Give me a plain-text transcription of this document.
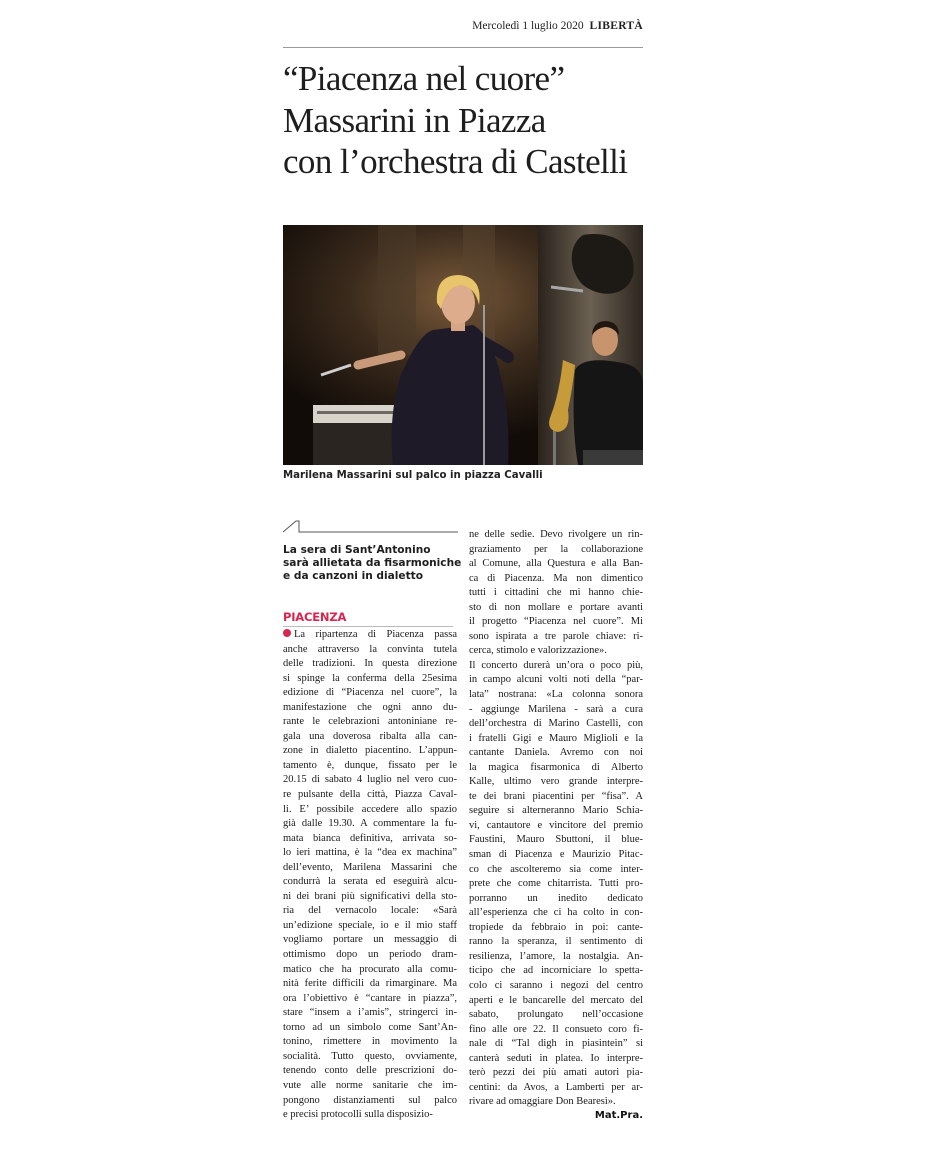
Mercoledì 1 luglio 2020 LIBERTÀ
“Piacenza nel cuore”
Massarini in Piazza
con l’orchestra di Castelli
Marilena Massarini sul palco in piazza Cavalli
La sera di Sant’Antonino
sarà allietata da fisarmoniche
e da canzoni in dialetto
PIACENZA
La ripartenza di Piacenza passa
anche attraverso la convinta tutela
delle tradizioni. In questa direzione
si spinge la conferma della 25esima
edizione di “Piacenza nel cuore”, la
manifestazione che ogni anno du-
rante le celebrazioni antoniniane re-
gala una doverosa ribalta alla can-
zone in dialetto piacentino. L’appun-
tamento è, dunque, fissato per le
20.15 di sabato 4 luglio nel vero cuo-
re pulsante della città, Piazza Caval-
li. E’ possibile accedere allo spazio
già dalle 19.30. A commentare la fu-
mata bianca definitiva, arrivata so-
lo ieri mattina, è la “dea ex machina”
dell’evento, Marilena Massarini che
condurrà la serata ed eseguirà alcu-
ni dei brani più significativi della sto-
ria del vernacolo locale: «Sarà
un’edizione speciale, io e il mio staff
vogliamo portare un messaggio di
ottimismo dopo un periodo dram-
matico che ha procurato alla comu-
nità ferite difficili da rimarginare. Ma
ora l’obiettivo è “cantare in piazza”,
stare “insem a i’amis”, stringerci in-
torno ad un simbolo come Sant’An-
tonino, rimettere in movimento la
socialità. Tutto questo, ovviamente,
tenendo conto delle prescrizioni do-
vute alle norme sanitarie che im-
pongono distanziamenti sul palco
e precisi protocolli sulla disposizio-
ne delle sedie. Devo rivolgere un rin-
graziamento per la collaborazione
al Comune, alla Questura e alla Ban-
ca di Piacenza. Ma non dimentico
tutti i cittadini che mi hanno chie-
sto di non mollare e portare avanti
il progetto “Piacenza nel cuore”. Mi
sono ispirata a tre parole chiave: ri-
cerca, stimolo e valorizzazione».
Il concerto durerà un’ora o poco più,
in campo alcuni volti noti della “par-
lata” nostrana: «La colonna sonora
- aggiunge Marilena - sarà a cura
dell’orchestra di Marino Castelli, con
i fratelli Gigi e Mauro Miglioli e la
cantante Daniela. Avremo con noi
la magica fisarmonica di Alberto
Kalle, ultimo vero grande interpre-
te dei brani piacentini per “fisa”. A
seguire si alterneranno Mario Schia-
vi, cantautore e vincitore del premio
Faustini, Mauro Sbuttoni, il blue-
sman di Piacenza e Maurizio Pitac-
co che ascolteremo sia come inter-
prete che come chitarrista. Tutti pro-
porranno un inedito dedicato
all’esperienza che ci ha colto in con-
tropiede da febbraio in poi: cante-
ranno la speranza, il sentimento di
resilienza, l’amore, la nostalgia. An-
ticipo che ad incorniciare lo spetta-
colo ci saranno i negozi del centro
aperti e le bancarelle del mercato del
sabato, prolungato nell’occasione
fino alle ore 22. Il consueto coro fi-
nale di “Tal digh in piasintein” si
canterà seduti in platea. Io interpre-
terò pezzi dei più amati autori pia-
centini: da Avos, a Lamberti per ar-
rivare ad omaggiare Don Bearesi».
Mat.Pra.
